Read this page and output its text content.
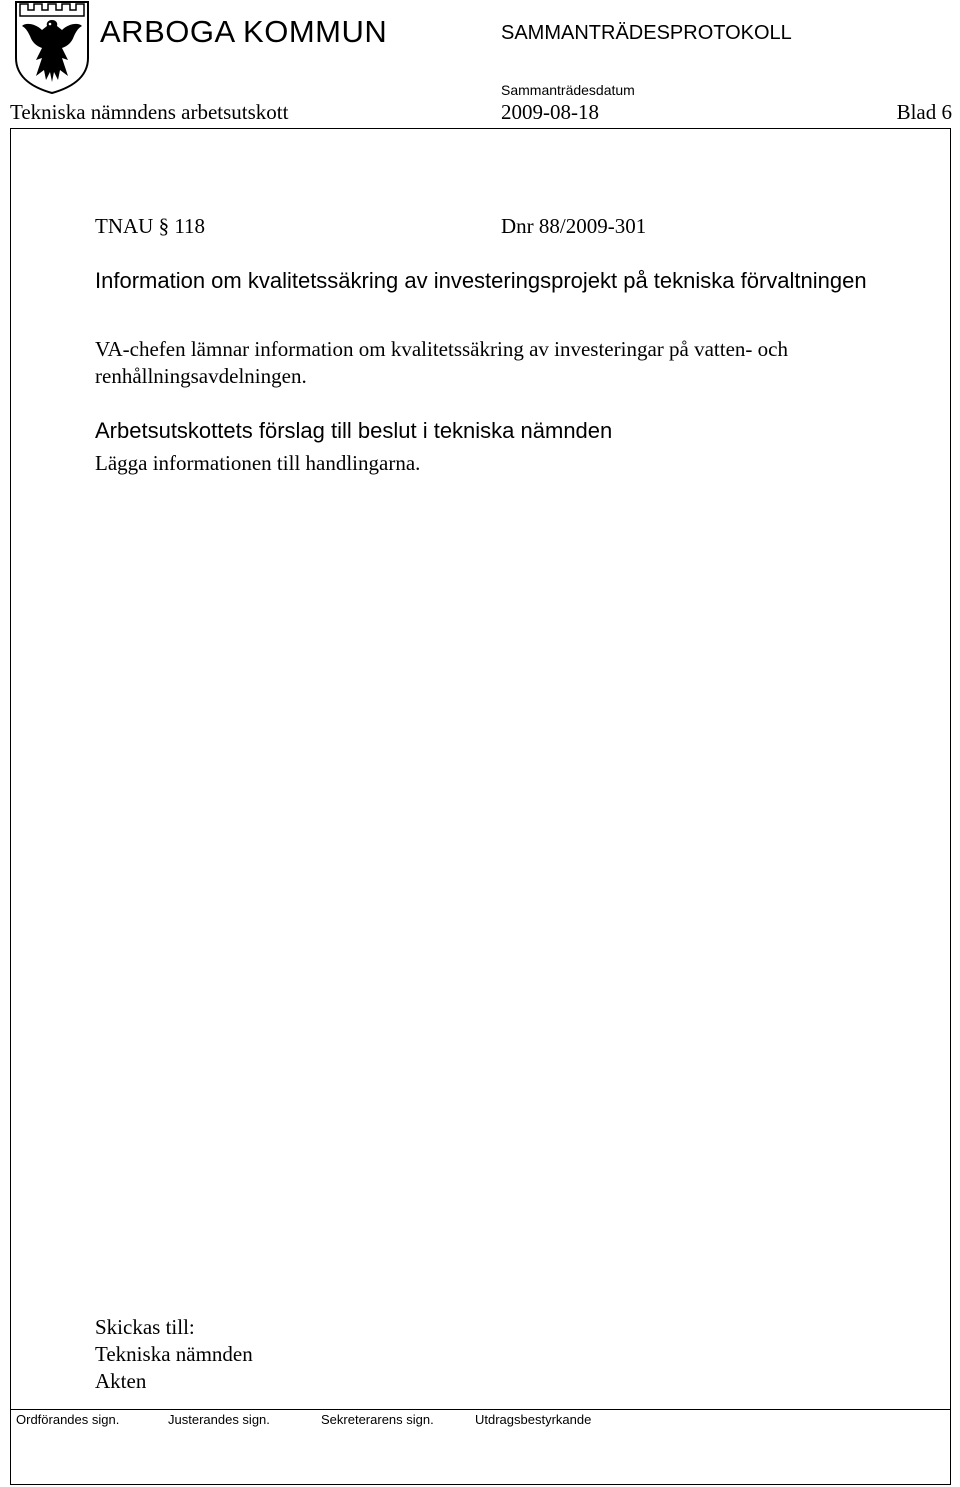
ARBOGA KOMMUN	SAMMANTRÄDESPROTOKOLL
Sammanträdesdatum
Tekniska nämndens arbetsutskott	2009-08-18	Blad 6
TNAU § 118	Dnr 88/2009-301
Information om kvalitetssäkring av investeringsprojekt på tekniska förvaltningen
VA-chefen lämnar information om kvalitetssäkring av investeringar på vatten- och renhållningsavdelningen.
Arbetsutskottets förslag till beslut i tekniska nämnden
Lägga informationen till handlingarna.
Skickas till:
Tekniska nämnden
Akten
Ordförandes sign.	Justerandes sign.	Sekreterarens sign.	Utdragsbestyrkande
